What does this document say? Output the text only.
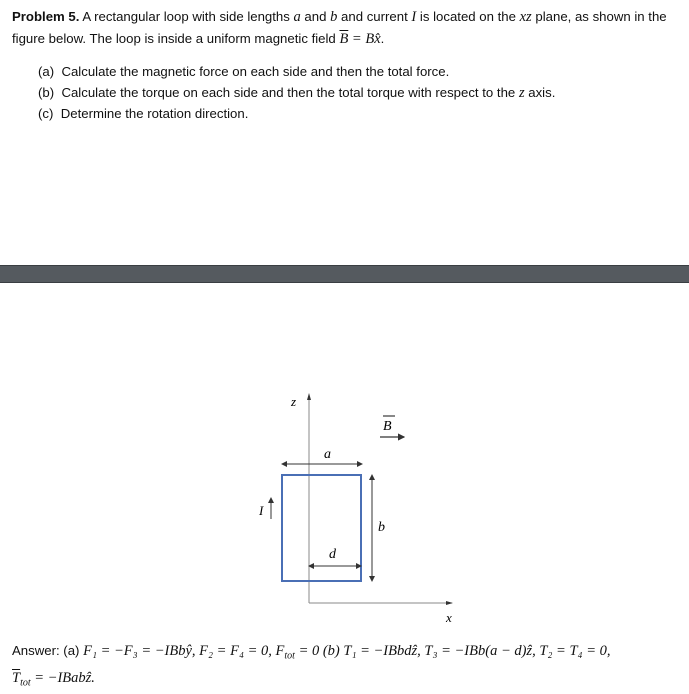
Problem 5. A rectangular loop with side lengths a and b and current I is located on the xz plane, as shown in the figure below. The loop is inside a uniform magnetic field $\overline{B}$ = Bx̂.
(a) Calculate the magnetic force on each side and then the total force.
(b) Calculate the torque on each side and then the total torque with respect to the z axis.
(c) Determine the rotation direction.
z
x
B
a
b
d
I
Answer: (a) F₁ = −F₃ = −IBbŷ, F₂ = F₄ = 0, $F_{tot} = 0$ (b) T₁ = −IBbdẑ, T₃ = −IBb(a − d)ẑ, T₂ = T₄ = 0,
$\overline{T}_{tot}$ = −IBabẑ.
